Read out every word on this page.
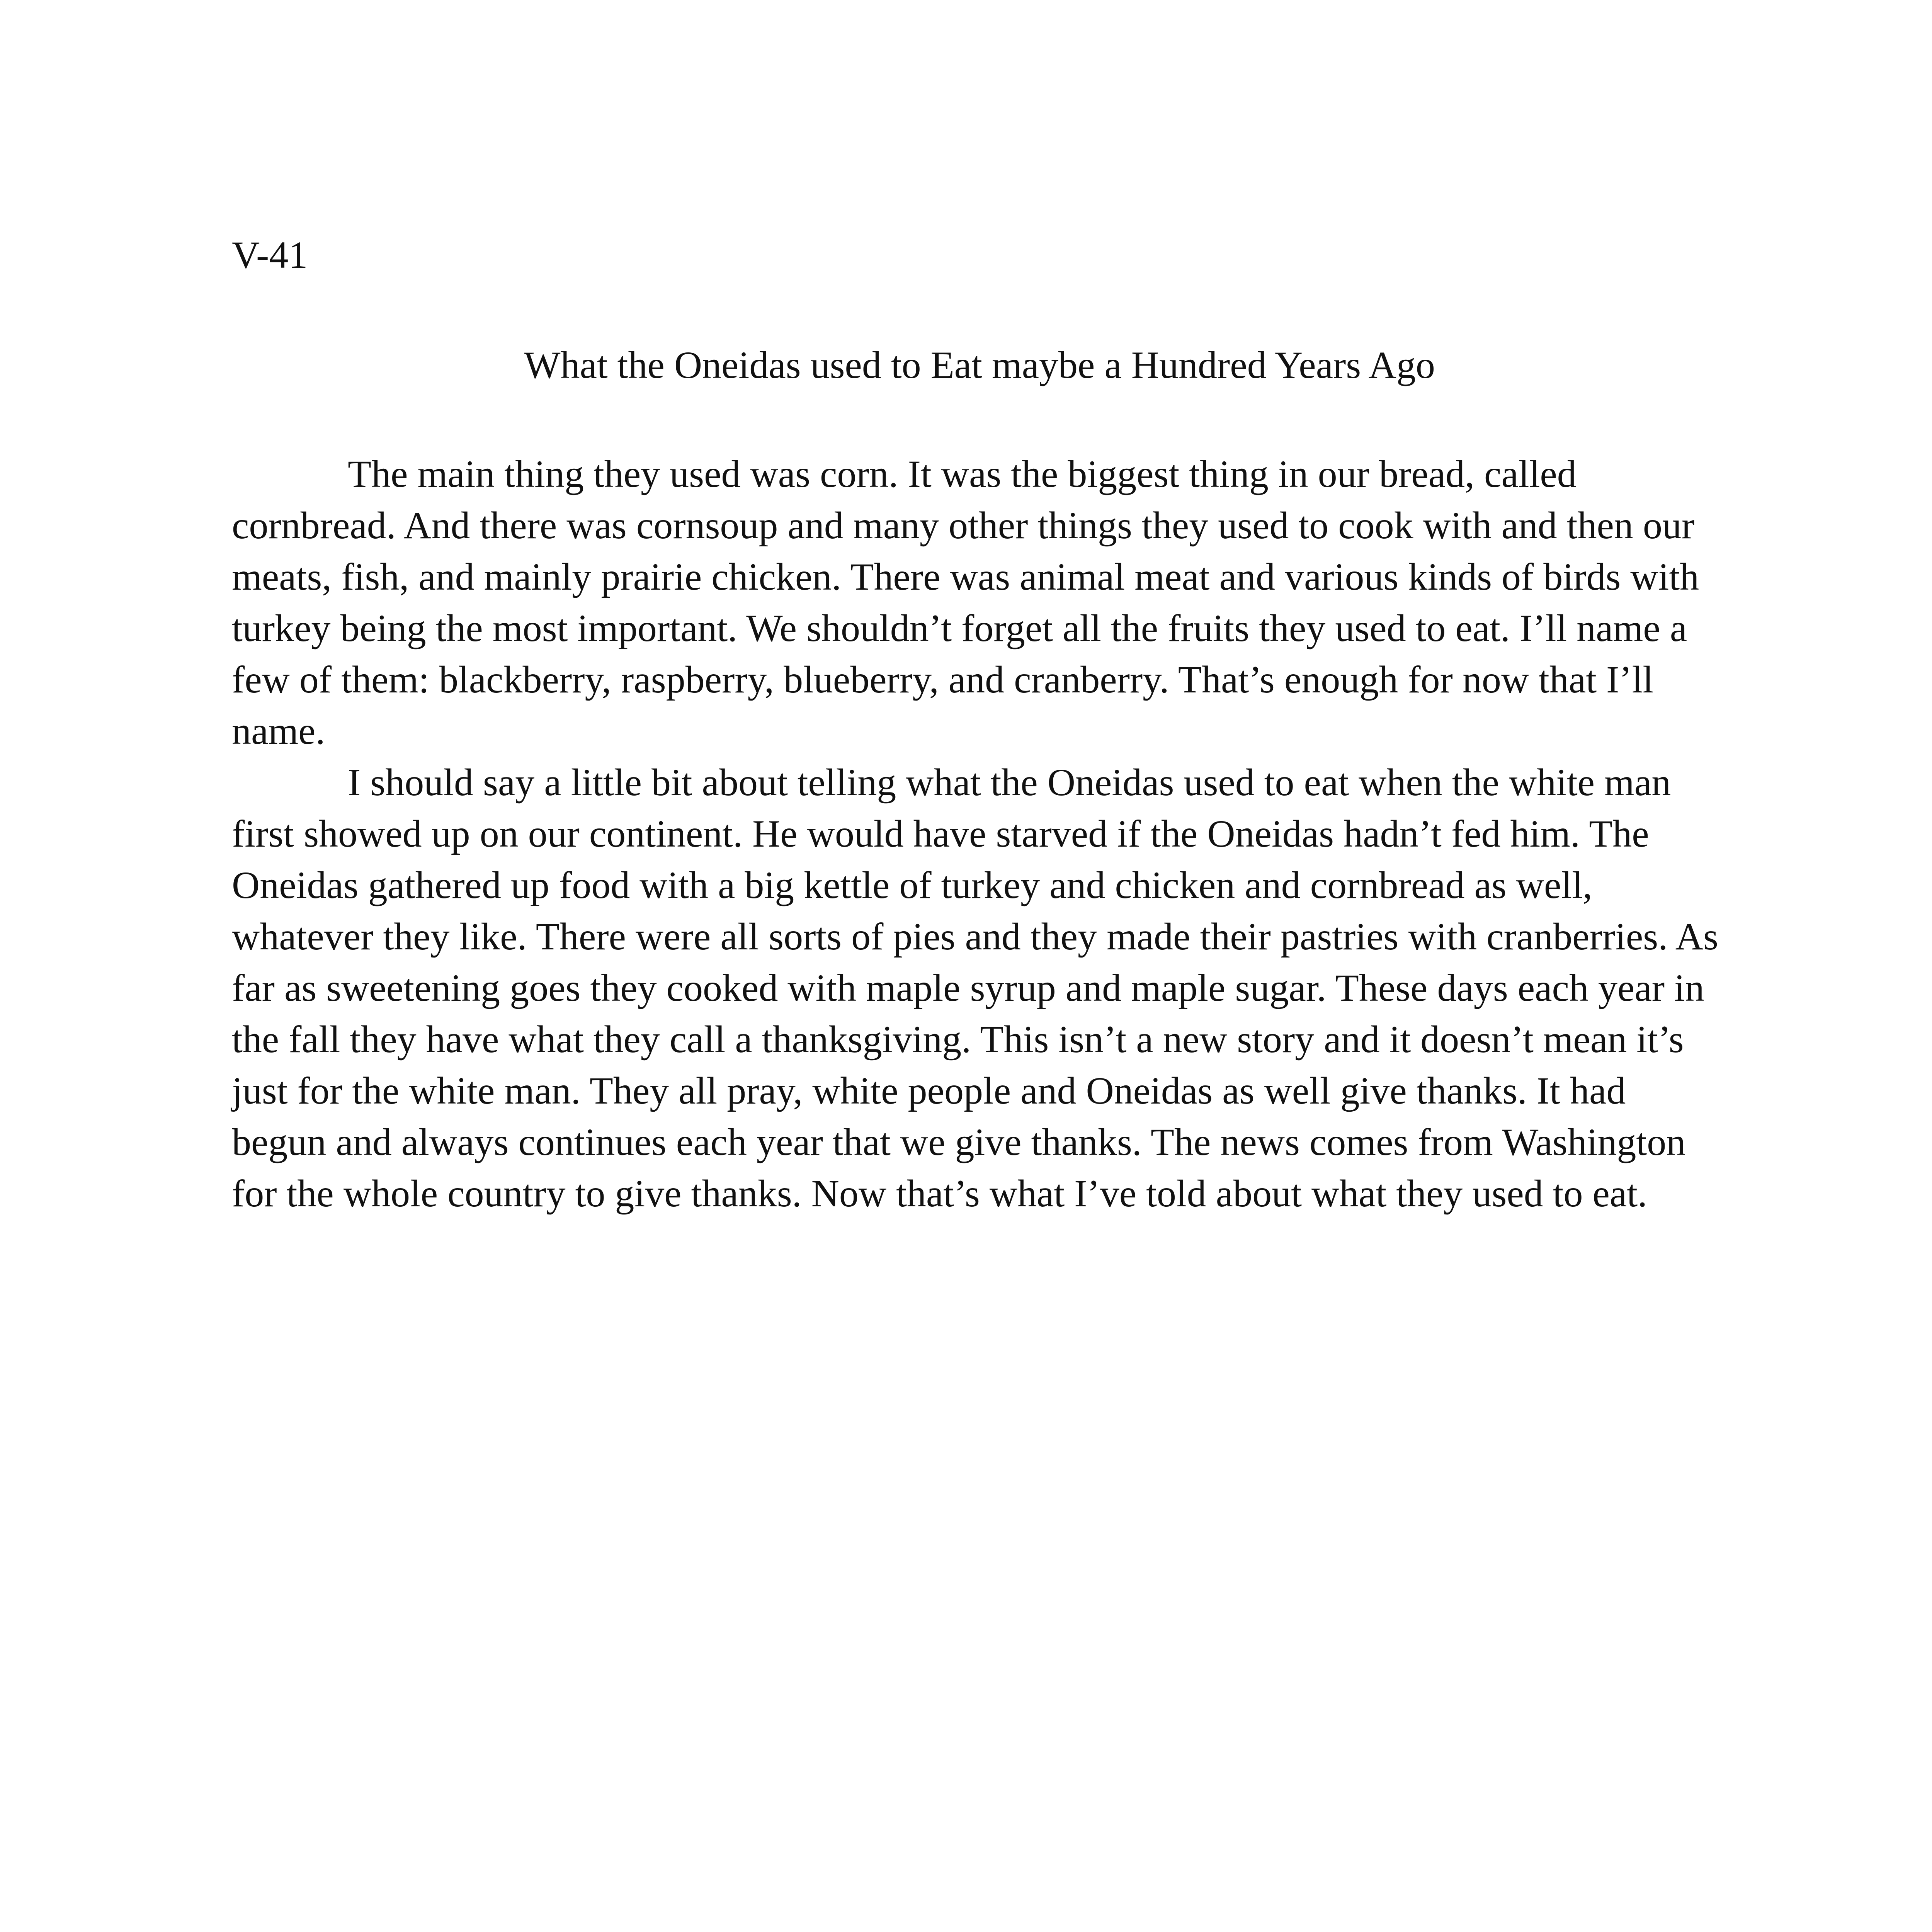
V-41
What the Oneidas used to Eat maybe a Hundred Years Ago

The main thing they used was corn. It was the biggest thing in our bread, called cornbread. And there was cornsoup and many other things they used to cook with and then our meats, fish, and mainly prairie chicken. There was animal meat and various kinds of birds with turkey being the most important. We shouldn’t forget all the fruits they used to eat. I’ll name a few of them: blackberry, raspberry, blueberry, and cranberry. That’s enough for now that I’ll name.

I should say a little bit about telling what the Oneidas used to eat when the white man first showed up on our continent. He would have starved if the Oneidas hadn’t fed him. The Oneidas gathered up food with a big kettle of turkey and chicken and cornbread as well, whatever they like. There were all sorts of pies and they made their pastries with cranberries. As far as sweetening goes they cooked with maple syrup and maple sugar. These days each year in the fall they have what they call a thanksgiving. This isn’t a new story and it doesn’t mean it’s just for the white man. They all pray, white people and Oneidas as well give thanks. It had begun and always continues each year that we give thanks. The news comes from Washington for the whole country to give thanks. Now that’s what I’ve told about what they used to eat.
